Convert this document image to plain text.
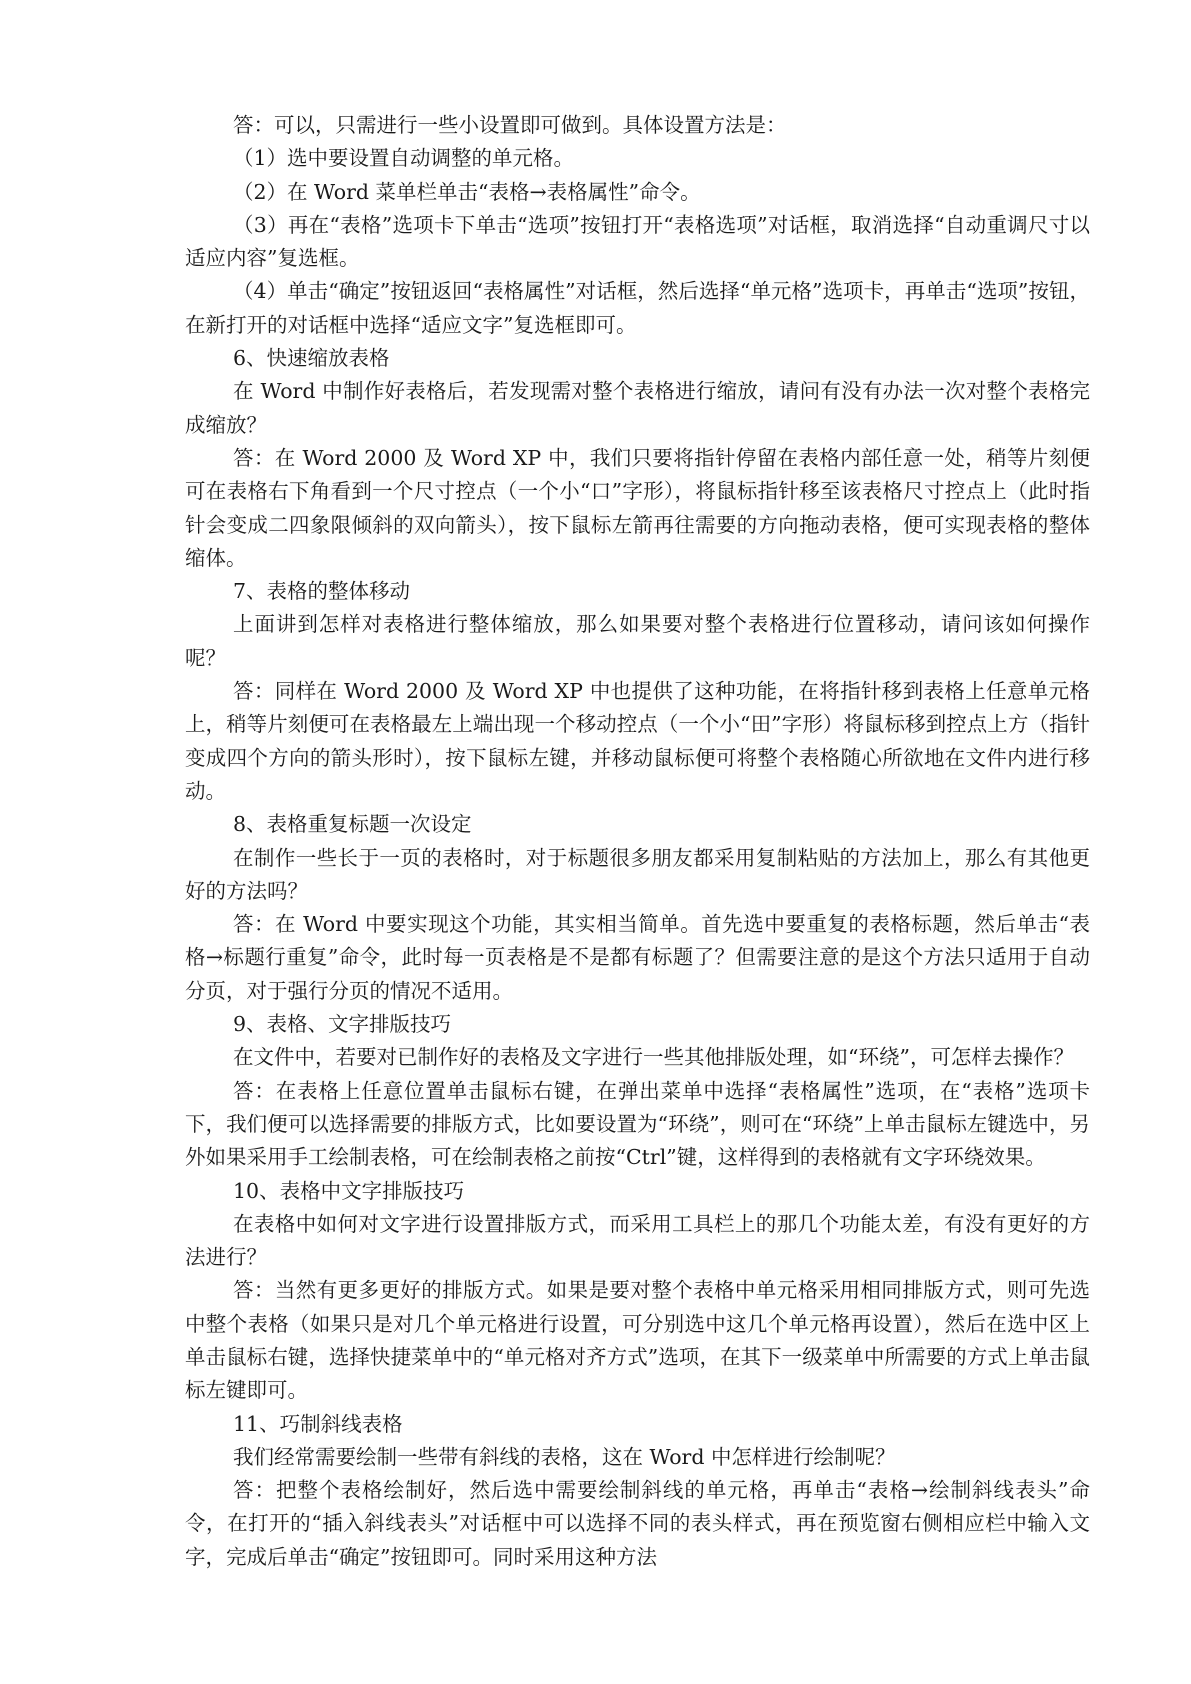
答：可以，只需进行一些小设置即可做到。具体设置方法是：

（1）选中要设置自动调整的单元格。

（2）在 Word 菜单栏单击“表格→表格属性”命令。

（3）再在“表格”选项卡下单击“选项”按钮打开“表格选项”对话框，取消选择“自动重调尺寸以适应内容”复选框。

（4）单击“确定”按钮返回“表格属性”对话框，然后选择“单元格”选项卡，再单击“选项”按钮，在新打开的对话框中选择“适应文字”复选框即可。

6、快速缩放表格

在 Word 中制作好表格后，若发现需对整个表格进行缩放，请问有没有办法一次对整个表格完成缩放？

答：在 Word 2000 及 Word XP 中，我们只要将指针停留在表格内部任意一处，稍等片刻便可在表格右下角看到一个尺寸控点（一个小“口”字形），将鼠标指针移至该表格尺寸控点上（此时指针会变成二四象限倾斜的双向箭头），按下鼠标左箭再往需要的方向拖动表格，便可实现表格的整体缩体。

7、表格的整体移动

上面讲到怎样对表格进行整体缩放，那么如果要对整个表格进行位置移动，请问该如何操作呢？

答：同样在 Word 2000 及 Word XP 中也提供了这种功能，在将指针移到表格上任意单元格上，稍等片刻便可在表格最左上端出现一个移动控点（一个小“田”字形）将鼠标移到控点上方（指针变成四个方向的箭头形时），按下鼠标左键，并移动鼠标便可将整个表格随心所欲地在文件内进行移动。

8、表格重复标题一次设定

在制作一些长于一页的表格时，对于标题很多朋友都采用复制粘贴的方法加上，那么有其他更好的方法吗？

答：在 Word 中要实现这个功能，其实相当简单。首先选中要重复的表格标题，然后单击“表格→标题行重复”命令，此时每一页表格是不是都有标题了？但需要注意的是这个方法只适用于自动分页，对于强行分页的情况不适用。

9、表格、文字排版技巧

在文件中，若要对已制作好的表格及文字进行一些其他排版处理，如“环绕”，可怎样去操作？

答：在表格上任意位置单击鼠标右键，在弹出菜单中选择“表格属性”选项，在“表格”选项卡下，我们便可以选择需要的排版方式，比如要设置为“环绕”，则可在“环绕”上单击鼠标左键选中，另外如果采用手工绘制表格，可在绘制表格之前按“Ctrl”键，这样得到的表格就有文字环绕效果。

10、表格中文字排版技巧

在表格中如何对文字进行设置排版方式，而采用工具栏上的那几个功能太差，有没有更好的方法进行？

答：当然有更多更好的排版方式。如果是要对整个表格中单元格采用相同排版方式，则可先选中整个表格（如果只是对几个单元格进行设置，可分别选中这几个单元格再设置），然后在选中区上单击鼠标右键，选择快捷菜单中的“单元格对齐方式”选项，在其下一级菜单中所需要的方式上单击鼠标左键即可。

11、巧制斜线表格

我们经常需要绘制一些带有斜线的表格，这在 Word 中怎样进行绘制呢？

答：把整个表格绘制好，然后选中需要绘制斜线的单元格，再单击“表格→绘制斜线表头”命令，在打开的“插入斜线表头”对话框中可以选择不同的表头样式，再在预览窗右侧相应栏中输入文字，完成后单击“确定”按钮即可。同时采用这种方法
